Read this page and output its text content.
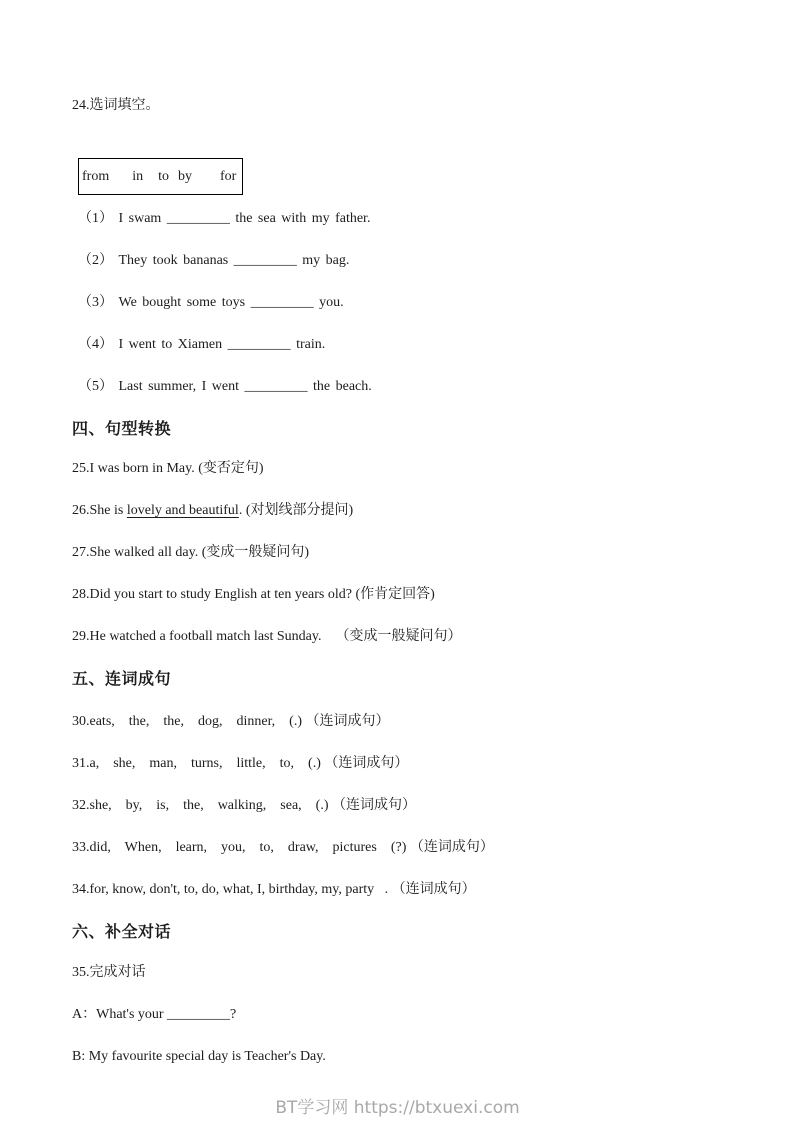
24.选词填空。
from in to by for
（1） I swam _________ the sea with my father.
（2） They took bananas _________ my bag.
（3） We bought some toys _________ you.
（4） I went to Xiamen _________ train.
（5） Last summer, I went _________ the beach.
四、句型转换
25.I was born in May. (变否定句)
26.She is lovely and beautiful. (对划线部分提问)
27.She walked all day. (变成一般疑问句)
28.Did you start to study English at ten years old? (作肯定回答)
29.He watched a football match last Sunday.    （变成一般疑问句）
五、连词成句
30.eats,    the,    the,    dog,    dinner,    (.) （连词成句）
31.a,    she,    man,    turns,    little,    to,    (.) （连词成句）
32.she,    by,    is,    the,    walking,    sea,    (.) （连词成句）
33.did,    When,    learn,    you,    to,    draw,    pictures    (?) （连词成句）
34.for, know, don't, to, do, what, I, birthday, my, party   . （连词成句）
六、补全对话
35.完成对话
A：What's your _________?
B: My favourite special day is Teacher's Day.
BT学习网 https://btxuexi.com
